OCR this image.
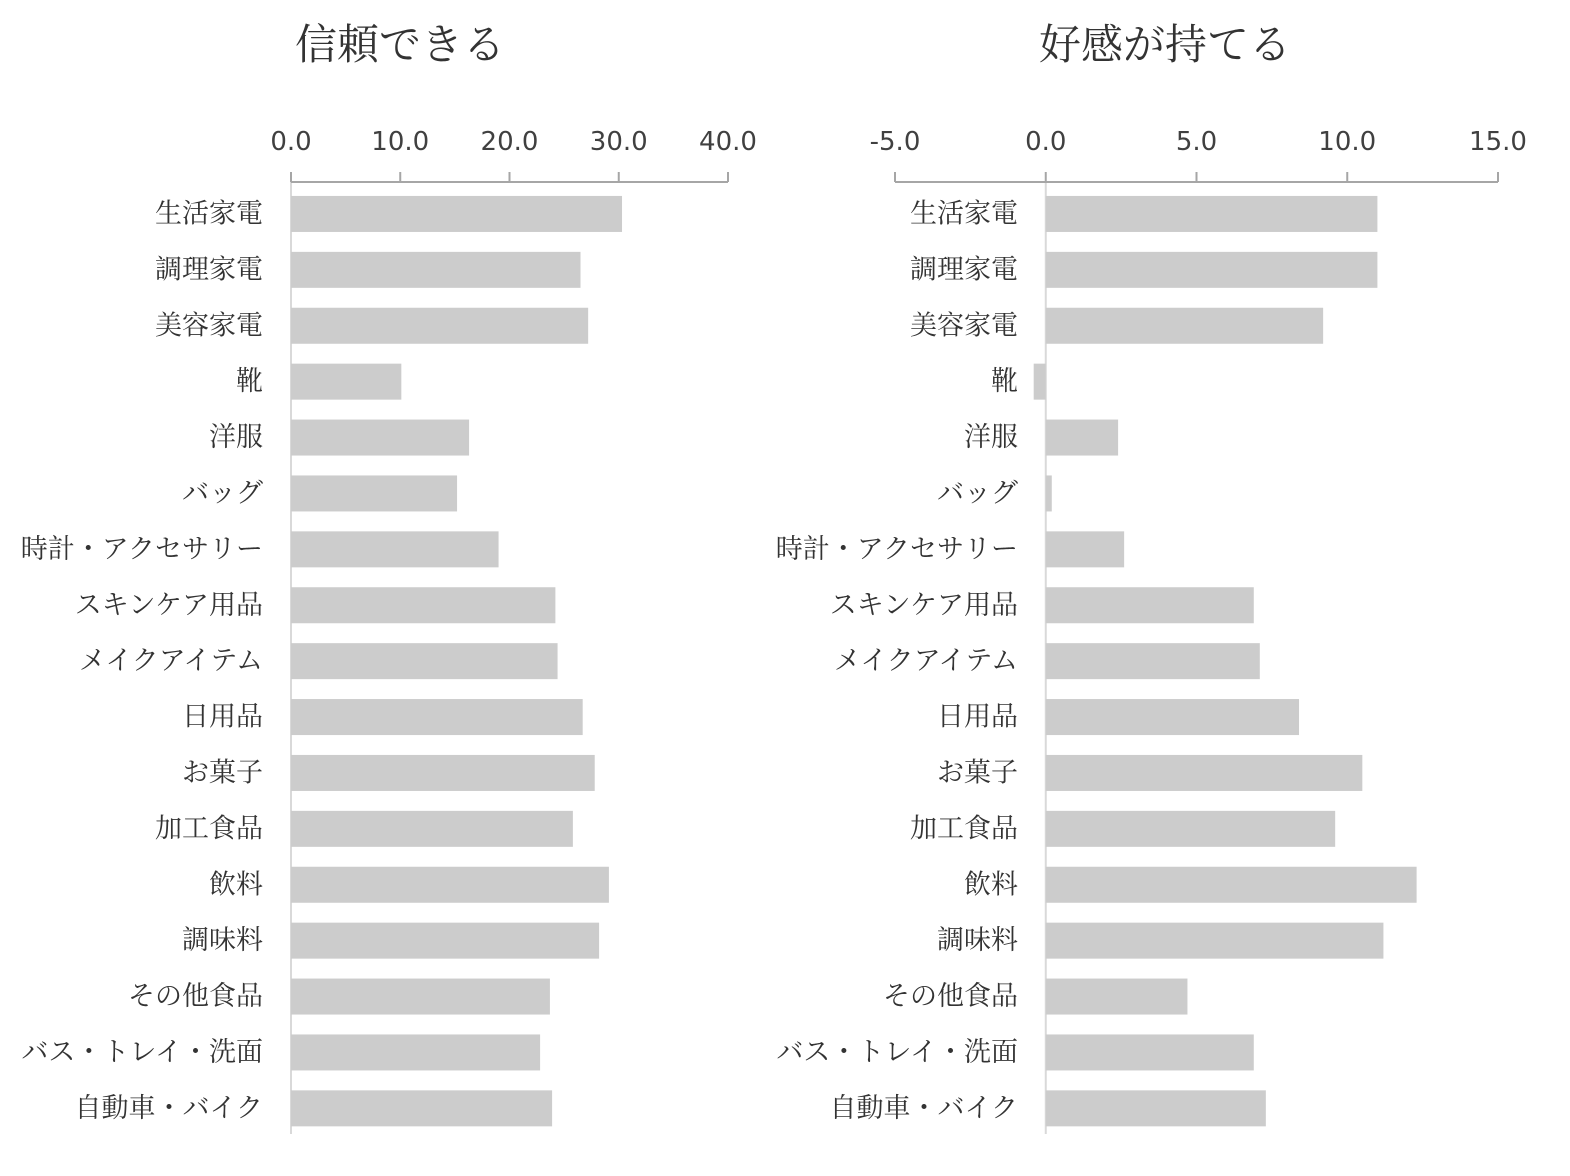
信頼できる
0.0 10.0 20.0 30.0 40.0
生活家電
調理家電
美容家電
靴
洋服
バッグ
時計・アクセサリー
スキンケア用品
メイクアイテム
日用品
お菓子
加工食品
飲料
調味料
その他食品
バス・トレイ・洗面
自動車・バイク
好感が持てる
-5.0	0.0	5.0	10.0	15.0
生活家電
調理家電
美容家電
靴
洋服
バッグ
時計・アクセサリー
スキンケア用品
メイクアイテム
日用品
お菓子
加工食品
飲料
調味料
その他食品
バス・トレイ・洗面
自動車・バイク
